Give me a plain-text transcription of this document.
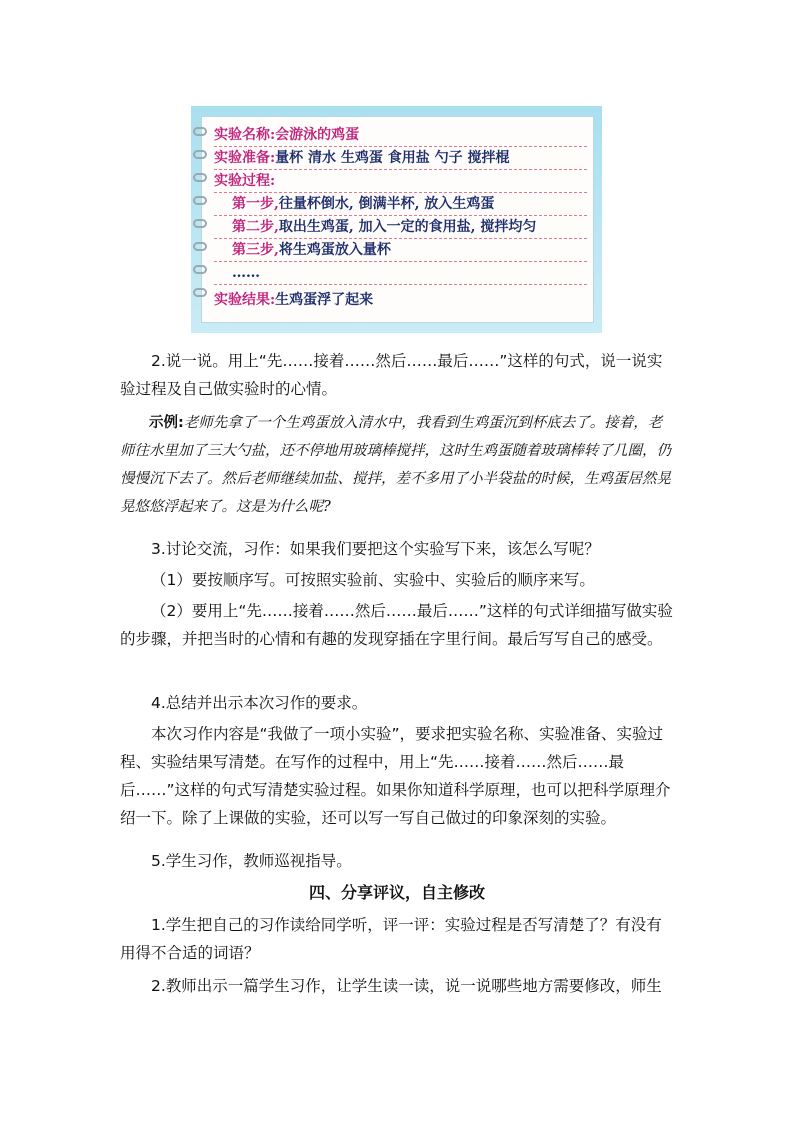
实验名称:会游泳的鸡蛋
实验准备:量杯 清水 生鸡蛋 食用盐 勺子 搅拌棍
实验过程:
第一步,往量杯倒水, 倒满半杯, 放入生鸡蛋
第二步,取出生鸡蛋, 加入一定的食用盐, 搅拌均匀
第三步,将生鸡蛋放入量杯
……
实验结果:生鸡蛋浮了起来
2.说一说。用上“先……接着……然后……最后……”这样的句式，说一说实验过程及自己做实验时的心情。
示例:老师先拿了一个生鸡蛋放入清水中，我看到生鸡蛋沉到杯底去了。接着，老师往水里加了三大勺盐，还不停地用玻璃棒搅拌，这时生鸡蛋随着玻璃棒转了几圈，仍慢慢沉下去了。然后老师继续加盐、搅拌，差不多用了小半袋盐的时候，生鸡蛋居然晃晃悠悠浮起来了。这是为什么呢?
3.讨论交流，习作：如果我们要把这个实验写下来，该怎么写呢？
（1）要按顺序写。可按照实验前、实验中、实验后的顺序来写。
（2）要用上“先……接着……然后……最后……”这样的句式详细描写做实验的步骤，并把当时的心情和有趣的发现穿插在字里行间。最后写写自己的感受。
4.总结并出示本次习作的要求。
本次习作内容是“我做了一项小实验”，要求把实验名称、实验准备、实验过程、实验结果写清楚。在写作的过程中，用上“先……接着……然后……最后……”这样的句式写清楚实验过程。如果你知道科学原理，也可以把科学原理介绍一下。除了上课做的实验，还可以写一写自己做过的印象深刻的实验。
5.学生习作，教师巡视指导。
四、分享评议，自主修改
1.学生把自己的习作读给同学听，评一评：实验过程是否写清楚了？有没有用得不合适的词语？
2.教师出示一篇学生习作，让学生读一读，说一说哪些地方需要修改，师生
